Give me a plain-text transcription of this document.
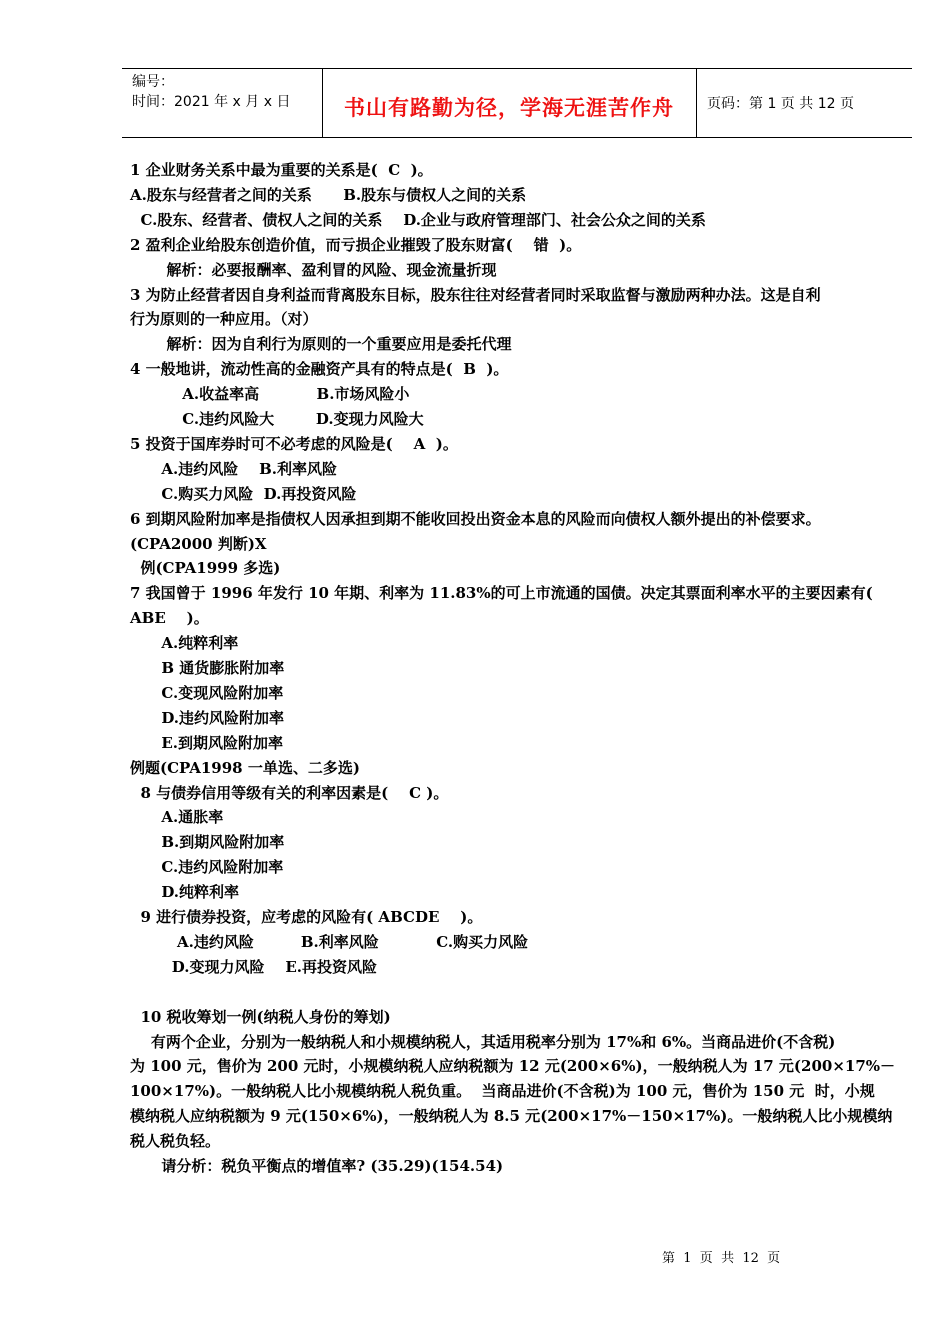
编号：
时间：2021 年 x 月 x 日	书山有路勤为径，学海无涯苦作舟 页码：第 1 页 共 12 页
1 企业财务关系中最为重要的关系是(  C  )。
A.股东与经营者之间的关系      B.股东与债权人之间的关系
C.股东、经营者、债权人之间的关系    D.企业与政府管理部门、社会公众之间的关系
2 盈利企业给股东创造价值，而亏损企业摧毁了股东财富(    错  )。
解析：必要报酬率、盈利冒的风险、现金流量折现
3 为防止经营者因自身利益而背离股东目标，股东往往对经营者同时采取监督与激励两种办法。这是自利
行为原则的一种应用。（对）
解析：因为自利行为原则的一个重要应用是委托代理
4 一般地讲，流动性高的金融资产具有的特点是(  B  )。
A.收益率高           B.市场风险小
C.违约风险大        D.变现力风险大
5 投资于国库券时可不必考虑的风险是(    A  )。
A.违约风险    B.利率风险
C.购买力风险  D.再投资风险
6 到期风险附加率是指债权人因承担到期不能收回投出资金本息的风险而向债权人额外提出的补偿要求。
(CPA2000 判断)X
例(CPA1999 多选)
7 我国曾于 1996 年发行 10 年期、利率为 11.83%的可上市流通的国债。决定其票面利率水平的主要因素有(
ABE    )。
A.纯粹利率
B 通货膨胀附加率
C.变现风险附加率
D.违约风险附加率
E.到期风险附加率
例题(CPA1998 一单选、二多选)
8 与债券信用等级有关的利率因素是(    C )。
A.通胀率
B.到期风险附加率
C.违约风险附加率
D.纯粹利率
9 进行债券投资，应考虑的风险有( ABCDE    )。
A.违约风险         B.利率风险           C.购买力风险
D.变现力风险    E.再投资风险
10 税收筹划一例(纳税人身份的筹划)
有两个企业，分别为一般纳税人和小规模纳税人，其适用税率分别为 17%和 6%。当商品进价(不含税)
为 100 元，售价为 200 元时，小规模纳税人应纳税额为 12 元(200×6%)，一般纳税人为 17 元(200×17%－
100×17%)。一般纳税人比小规模纳税人税负重。  当商品进价(不含税)为 100 元，售价为 150 元  时，小规
模纳税人应纳税额为 9 元(150×6%)，一般纳税人为 8.5 元(200×17%－150×17%)。一般纳税人比小规模纳
税人税负轻。
请分析：税负平衡点的增值率? (35.29)(154.54)
第  1  页  共  12  页
